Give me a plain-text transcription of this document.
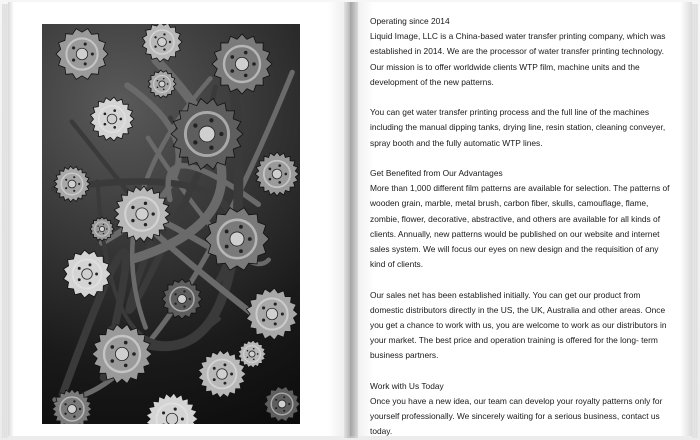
Operating since 2014
Liquid Image, LLC is a China-based water transfer printing company, which was established in 2014. We are the processor of water transfer printing technology. Our mission is to offer worldwide clients WTP film, machine units and the development of the new patterns.

You can get water transfer printing process and the full line of the machines including the manual dipping tanks, drying line, resin station, cleaning conveyer, spray booth and the fully automatic WTP lines.

Get Benefited from Our Advantages
More than 1,000 different film patterns are available for selection. The patterns of wooden grain, marble, metal brush, carbon fiber, skulls, camouflage, flame, zombie, flower, decorative, abstractive, and others are available for all kinds of clients. Annually, new patterns would be published on our website and internet sales system. We will focus our eyes on new design and the requisition of any kind of clients.

Our sales net has been established initially. You can get our product from domestic distributors directly in the US, the UK, Australia and other areas. Once you get a chance to work with us, you are welcome to work as our distributors in your market. The best price and operation training is offered for the long- term business partners.

Work with Us Today
Once you have a new idea, our team can develop your royalty patterns only for yourself professionally. We sincerely waiting for a serious business, contact us today.
